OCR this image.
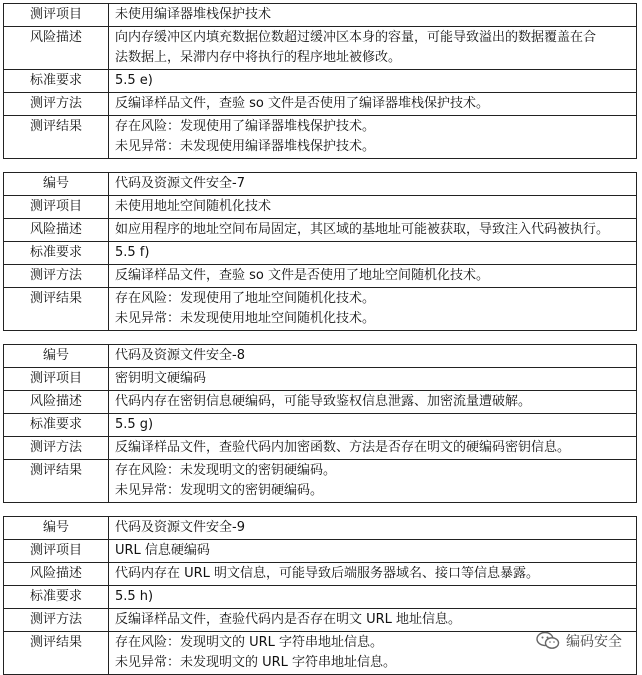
测评项目	未使用编译器堆栈保护技术
风险描述	向内存缓冲区内填充数据位数超过缓冲区本身的容量，可能导致溢出的数据覆盖在合
法数据上，呆滞内存中将执行的程序地址被修改。

标准要求	5.5 e)
测评方法	反编译样品文件，查验 so 文件是否使用了编译器堆栈保护技术。
测评结果	存在风险：发现使用了编译器堆栈保护技术。
未见异常：未发现使用编译器堆栈保护技术。
编号	代码及资源文件安全-7
测评项目	未使用地址空间随机化技术
风险描述	如应用程序的地址空间布局固定，其区域的基地址可能被获取，导致注入代码被执行。
标准要求	5.5 f)
测评方法	反编译样品文件，查验 so 文件是否使用了地址空间随机化技术。
测评结果	存在风险：发现使用了地址空间随机化技术。
未见异常：未发现使用地址空间随机化技术。
编号	代码及资源文件安全-8
测评项目	密钥明文硬编码
风险描述	代码内存在密钥信息硬编码，可能导致鉴权信息泄露、加密流量遭破解。
标准要求	5.5 g)
测评方法	反编译样品文件，查验代码内加密函数、方法是否存在明文的硬编码密钥信息。
测评结果	存在风险：未发现明文的密钥硬编码。
未见异常：发现明文的密钥硬编码。
编号	代码及资源文件安全-9
测评项目	URL 信息硬编码
风险描述	代码内存在 URL 明文信息，可能导致后端服务器域名、接口等信息暴露。
标准要求	5.5 h)
测评方法	反编译样品文件，查验代码内是否存在明文 URL 地址信息。
测评结果	存在风险：发现明文的 URL 字符串地址信息。
未见异常：未发现明文的 URL 字符串地址信息。
编码安全
